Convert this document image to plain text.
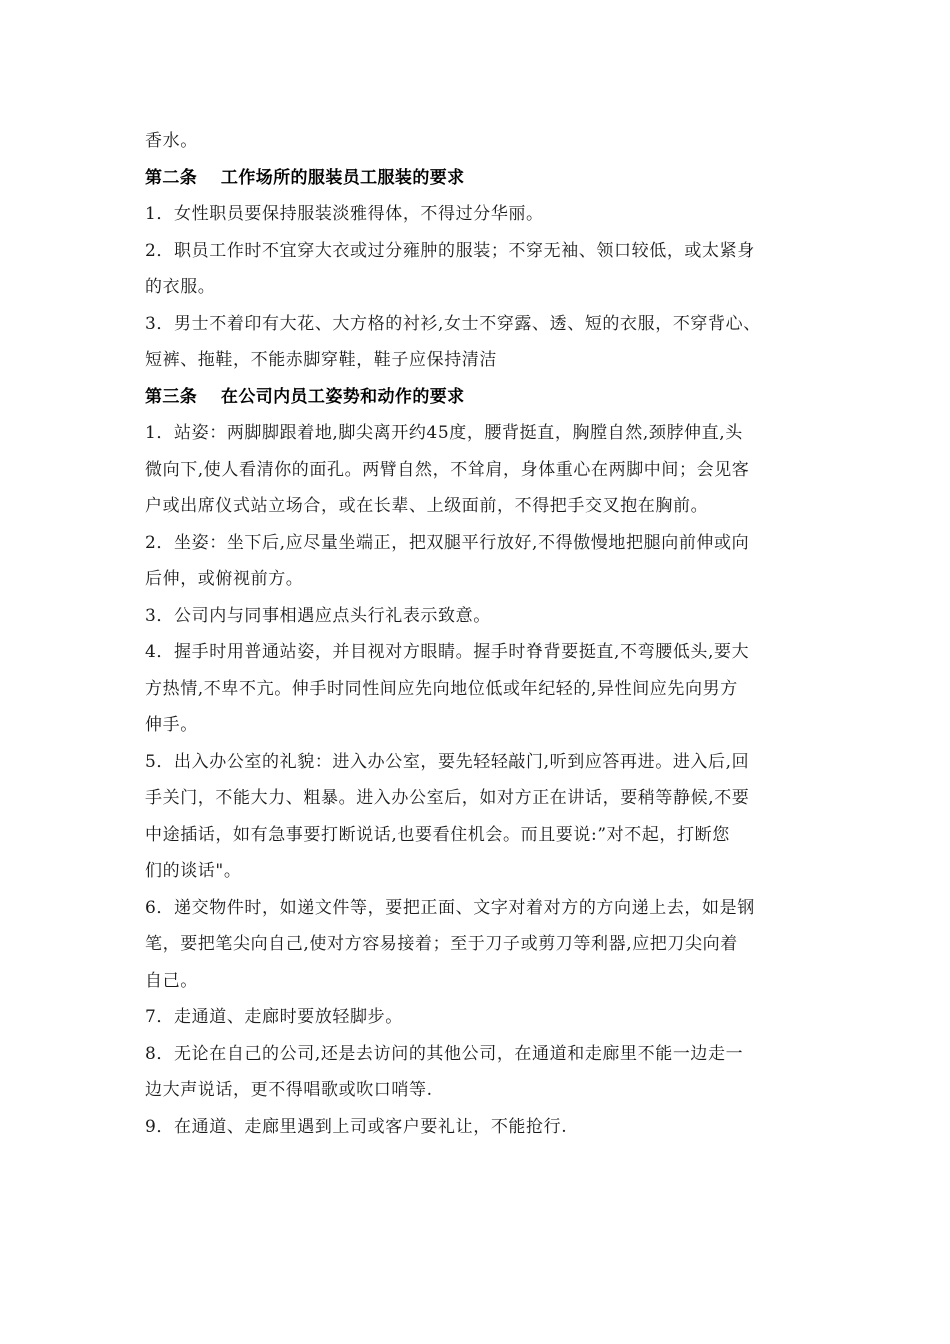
香水。
第二条　 工作场所的服装员工服装的要求
1．女性职员要保持服装淡雅得体，不得过分华丽。
2．职员工作时不宜穿大衣或过分雍肿的服装；不穿无袖、领口较低，或太紧身
的衣服。
3．男士不着印有大花、大方格的衬衫,女士不穿露、透、短的衣服，不穿背心、
短裤、拖鞋，不能赤脚穿鞋，鞋子应保持清洁
第三条　 在公司内员工姿势和动作的要求
1．站姿：两脚脚跟着地,脚尖离开约45度，腰背挺直，胸膛自然,颈脖伸直,头
微向下,使人看清你的面孔。两臂自然，不耸肩，身体重心在两脚中间；会见客
户或出席仪式站立场合，或在长辈、上级面前，不得把手交叉抱在胸前。
2．坐姿：坐下后,应尽量坐端正，把双腿平行放好,不得傲慢地把腿向前伸或向
后伸，或俯视前方。
3．公司内与同事相遇应点头行礼表示致意。
4．握手时用普通站姿，并目视对方眼睛。握手时脊背要挺直,不弯腰低头,要大
方热情,不卑不亢。伸手时同性间应先向地位低或年纪轻的,异性间应先向男方
伸手。
5．出入办公室的礼貌：进入办公室，要先轻轻敲门,听到应答再进。进入后,回
手关门，不能大力、粗暴。进入办公室后，如对方正在讲话，要稍等静候,不要
中途插话，如有急事要打断说话,也要看住机会。而且要说:”对不起，打断您
们的谈话"。
6．递交物件时，如递文件等，要把正面、文字对着对方的方向递上去，如是钢
笔，要把笔尖向自己,使对方容易接着；至于刀子或剪刀等利器,应把刀尖向着
自己。
7．走通道、走廊时要放轻脚步。
8．无论在自己的公司,还是去访问的其他公司，在通道和走廊里不能一边走一
边大声说话，更不得唱歌或吹口哨等.
9．在通道、走廊里遇到上司或客户要礼让，不能抢行.
